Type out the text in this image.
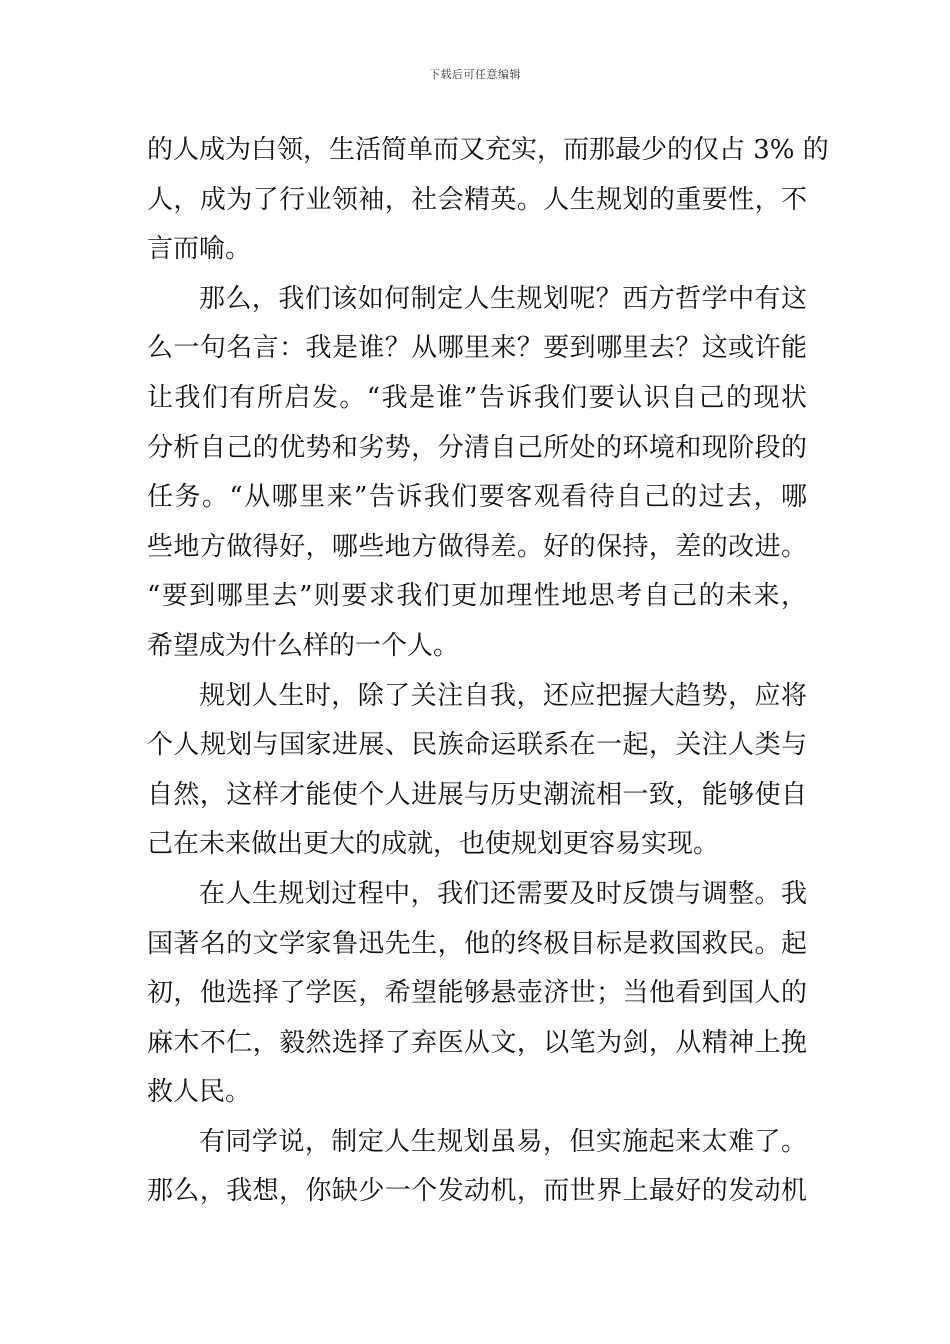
下载后可任意编辑
的人成为白领，生活简单而又充实，而那最少的仅占 3% 的
人，成为了行业领袖，社会精英。人生规划的重要性，不
言而喻。
那么，我们该如何制定人生规划呢？西方哲学中有这
么一句名言：我是谁？从哪里来？要到哪里去？这或许能
让我们有所启发。“我是谁”告诉我们要认识自己的现状
分析自己的优势和劣势，分清自己所处的环境和现阶段的
任务。“从哪里来”告诉我们要客观看待自己的过去，哪
些地方做得好，哪些地方做得差。好的保持，差的改进。
“要到哪里去”则要求我们更加理性地思考自己的未来，
希望成为什么样的一个人。
规划人生时，除了关注自我，还应把握大趋势，应将
个人规划与国家进展、民族命运联系在一起，关注人类与
自然，这样才能使个人进展与历史潮流相一致，能够使自
己在未来做出更大的成就，也使规划更容易实现。
在人生规划过程中，我们还需要及时反馈与调整。我
国著名的文学家鲁迅先生，他的终极目标是救国救民。起
初，他选择了学医，希望能够悬壶济世；当他看到国人的
麻木不仁，毅然选择了弃医从文，以笔为剑，从精神上挽
救人民。
有同学说，制定人生规划虽易，但实施起来太难了。
那么，我想，你缺少一个发动机，而世界上最好的发动机
